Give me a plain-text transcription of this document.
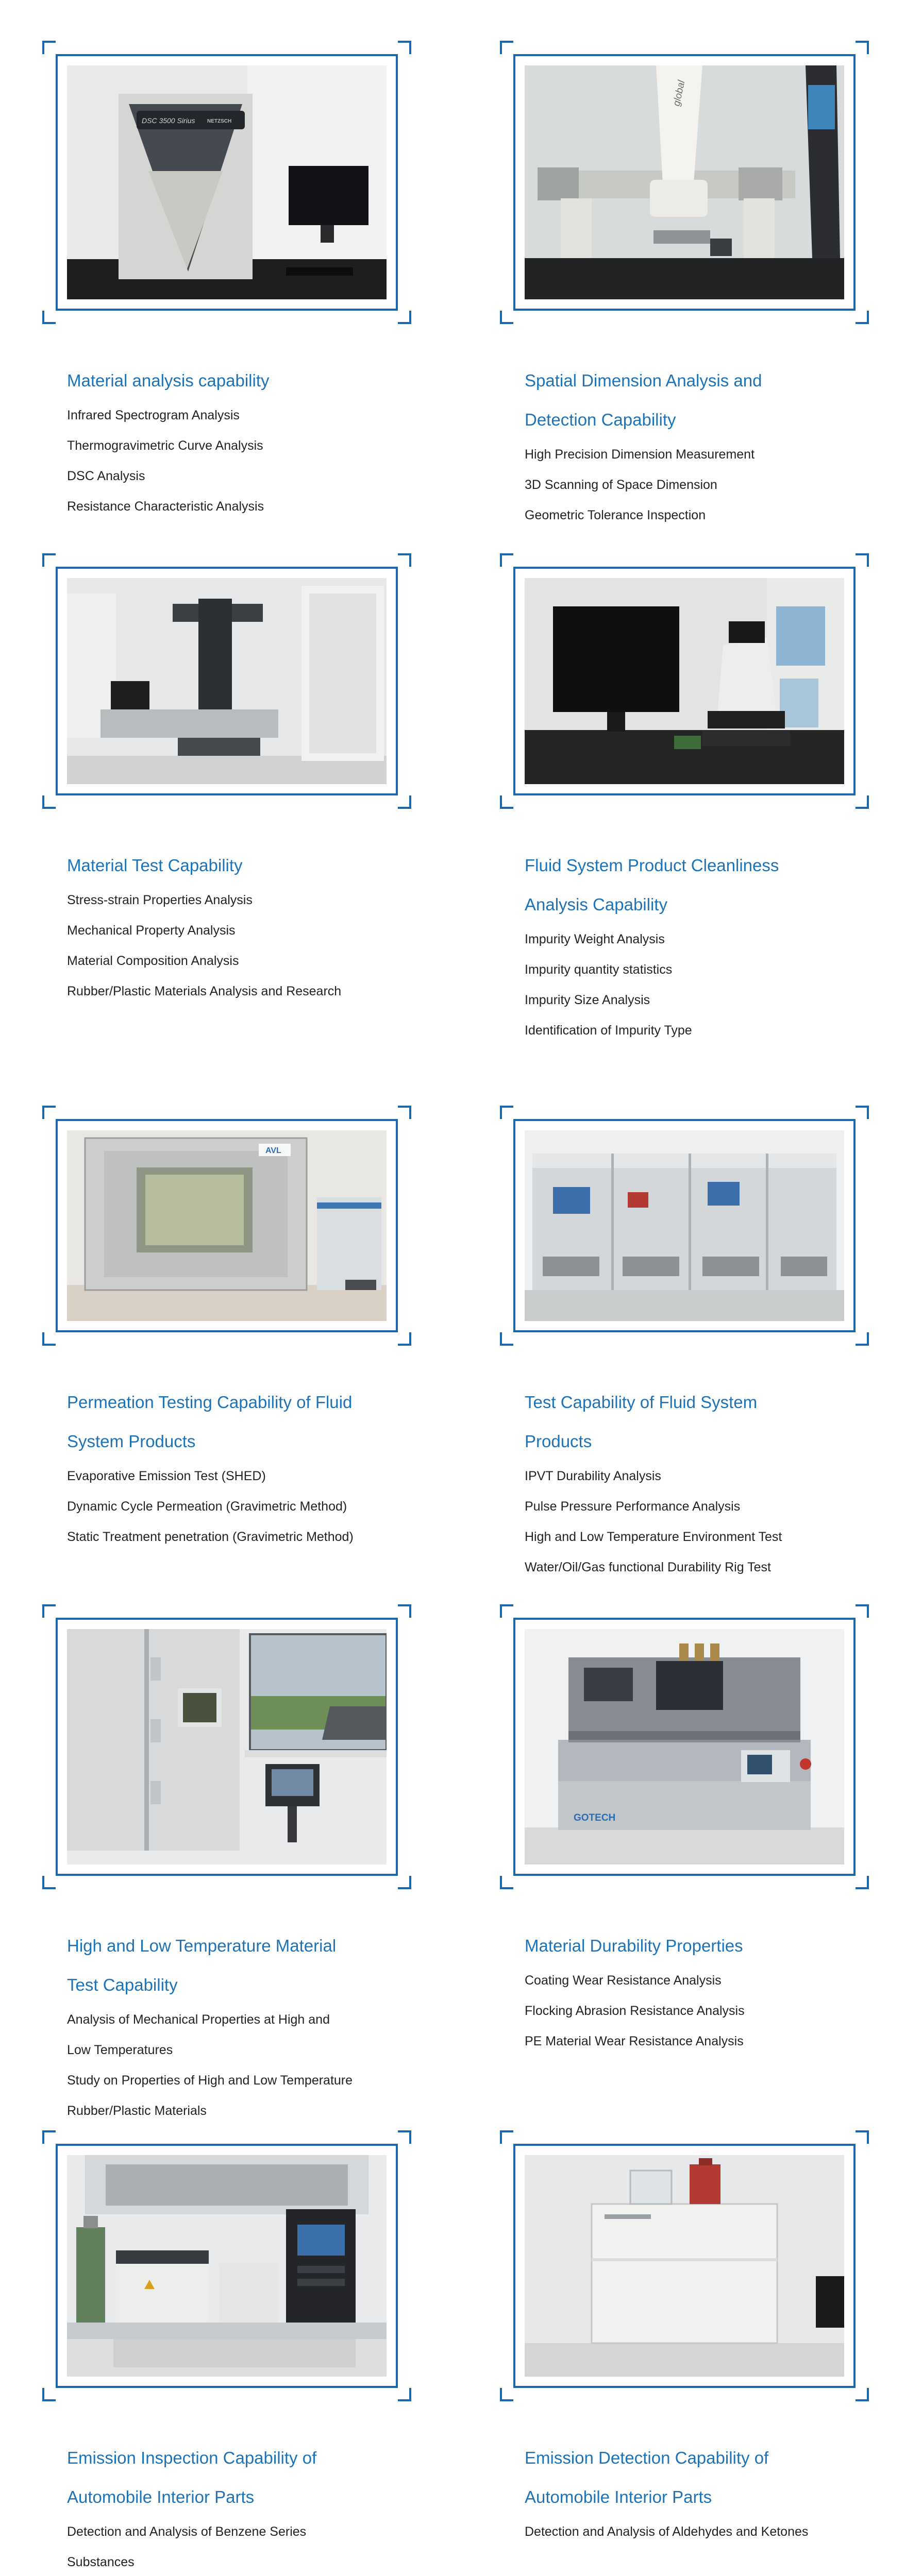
DSC 3500 Sirius NETZSCH
Material analysis capability
Infrared Spectrogram Analysis
Thermogravimetric Curve Analysis
DSC Analysis
Resistance Characteristic Analysis
global
Spatial Dimension Analysis and Detection Capability
High Precision Dimension Measurement
3D Scanning of Space Dimension
Geometric Tolerance Inspection
Material Test Capability
Stress-strain Properties Analysis
Mechanical Property Analysis
Material Composition Analysis
Rubber/Plastic Materials Analysis and Research
Fluid System Product Cleanliness Analysis Capability
Impurity Weight Analysis
Impurity quantity statistics
Impurity Size Analysis
Identification of Impurity Type
AVL
Permeation Testing Capability of Fluid System Products
Evaporative Emission Test (SHED)
Dynamic Cycle Permeation (Gravimetric Method)
Static Treatment penetration (Gravimetric Method)
Test Capability of Fluid System Products
IPVT Durability Analysis
Pulse Pressure Performance Analysis
High and Low Temperature Environment Test
Water/Oil/Gas functional Durability Rig Test
High and Low Temperature Material Test Capability
Analysis of Mechanical Properties at High and Low Temperatures
Study on Properties of High and Low Temperature Rubber/Plastic Materials
GOTECH
Material Durability Properties
Coating Wear Resistance Analysis
Flocking Abrasion Resistance Analysis
PE Material Wear Resistance Analysis
Emission Inspection Capability of Automobile Interior Parts
Detection and Analysis of Benzene Series Substances
Emission Detection Capability of Automobile Interior Parts
Detection and Analysis of Aldehydes and Ketones
